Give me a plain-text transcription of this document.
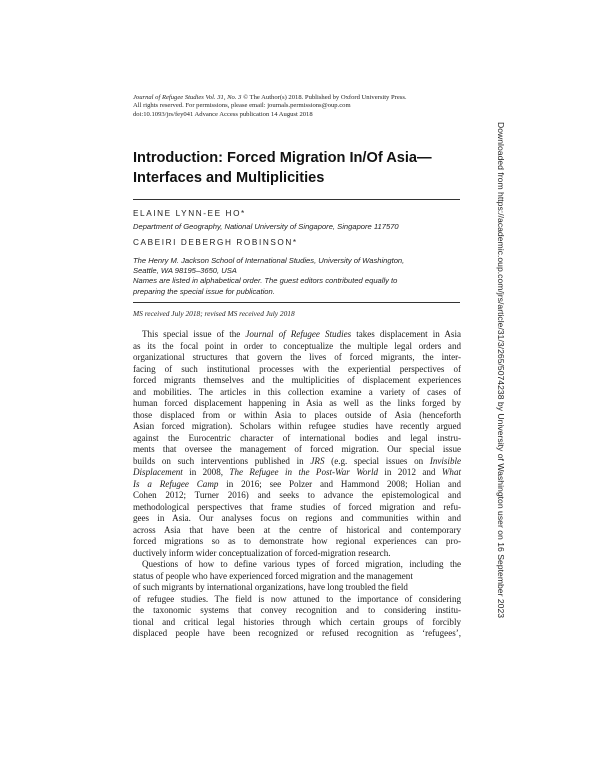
Journal of Refugee Studies Vol. 31, No. 3 © The Author(s) 2018. Published by Oxford University Press.

All rights reserved. For permissions, please email: journals.permissions@oup.com

doi:10.1093/jrs/fey041 Advance Access publication 14 August 2018

Introduction: Forced Migration In/Of Asia—
Interfaces and Multiplicities

ELAINE LYNN-EE HO*

Department of Geography, National University of Singapore, Singapore 117570

CABEIRI DEBERGH ROBINSON*

The Henry M. Jackson School of International Studies, University of Washington,
Seattle, WA 98195–3650, USA
Names are listed in alphabetical order. The guest editors contributed equally to
preparing the special issue for publication.

MS received July 2018; revised MS received July 2018

This special issue of the Journal of Refugee Studies takes displacement in Asia
as its the focal point in order to conceptualize the multiple legal orders and
organizational structures that govern the lives of forced migrants, the inter-
facing of such institutional processes with the experiential perspectives of
forced migrants themselves and the multiplicities of displacement experiences
and mobilities. The articles in this collection examine a variety of cases of
human forced displacement happening in Asia as well as the links forged by
those displaced from or within Asia to places outside of Asia (henceforth
Asian forced migration). Scholars within refugee studies have recently argued
against the Eurocentric character of international bodies and legal instru-
ments that oversee the management of forced migration. Our special issue
builds on such interventions published in JRS (e.g. special issues on Invisible
Displacement in 2008, The Refugee in the Post-War World in 2012 and What
Is a Refugee Camp in 2016; see Polzer and Hammond 2008; Holian and
Cohen 2012; Turner 2016) and seeks to advance the epistemological and
methodological perspectives that frame studies of forced migration and refu-
gees in Asia. Our analyses focus on regions and communities within and
across Asia that have been at the centre of historical and contemporary
forced migrations so as to demonstrate how regional experiences can pro-
ductively inform wider conceptualization of forced-migration research.
Questions of how to define various types of forced migration, including the
status of people who have experienced forced migration and the management
of such migrants by international organizations, have long troubled the field
of refugee studies. The field is now attuned to the importance of considering
the taxonomic systems that convey recognition and to considering institu-
tional and critical legal histories through which certain groups of forcibly
displaced people have been recognized or refused recognition as ‘refugees’,
Downloaded from https://academic.oup.com/jrs/article/31/3/265/5074238 by University of Washington user on 16 September 2023
